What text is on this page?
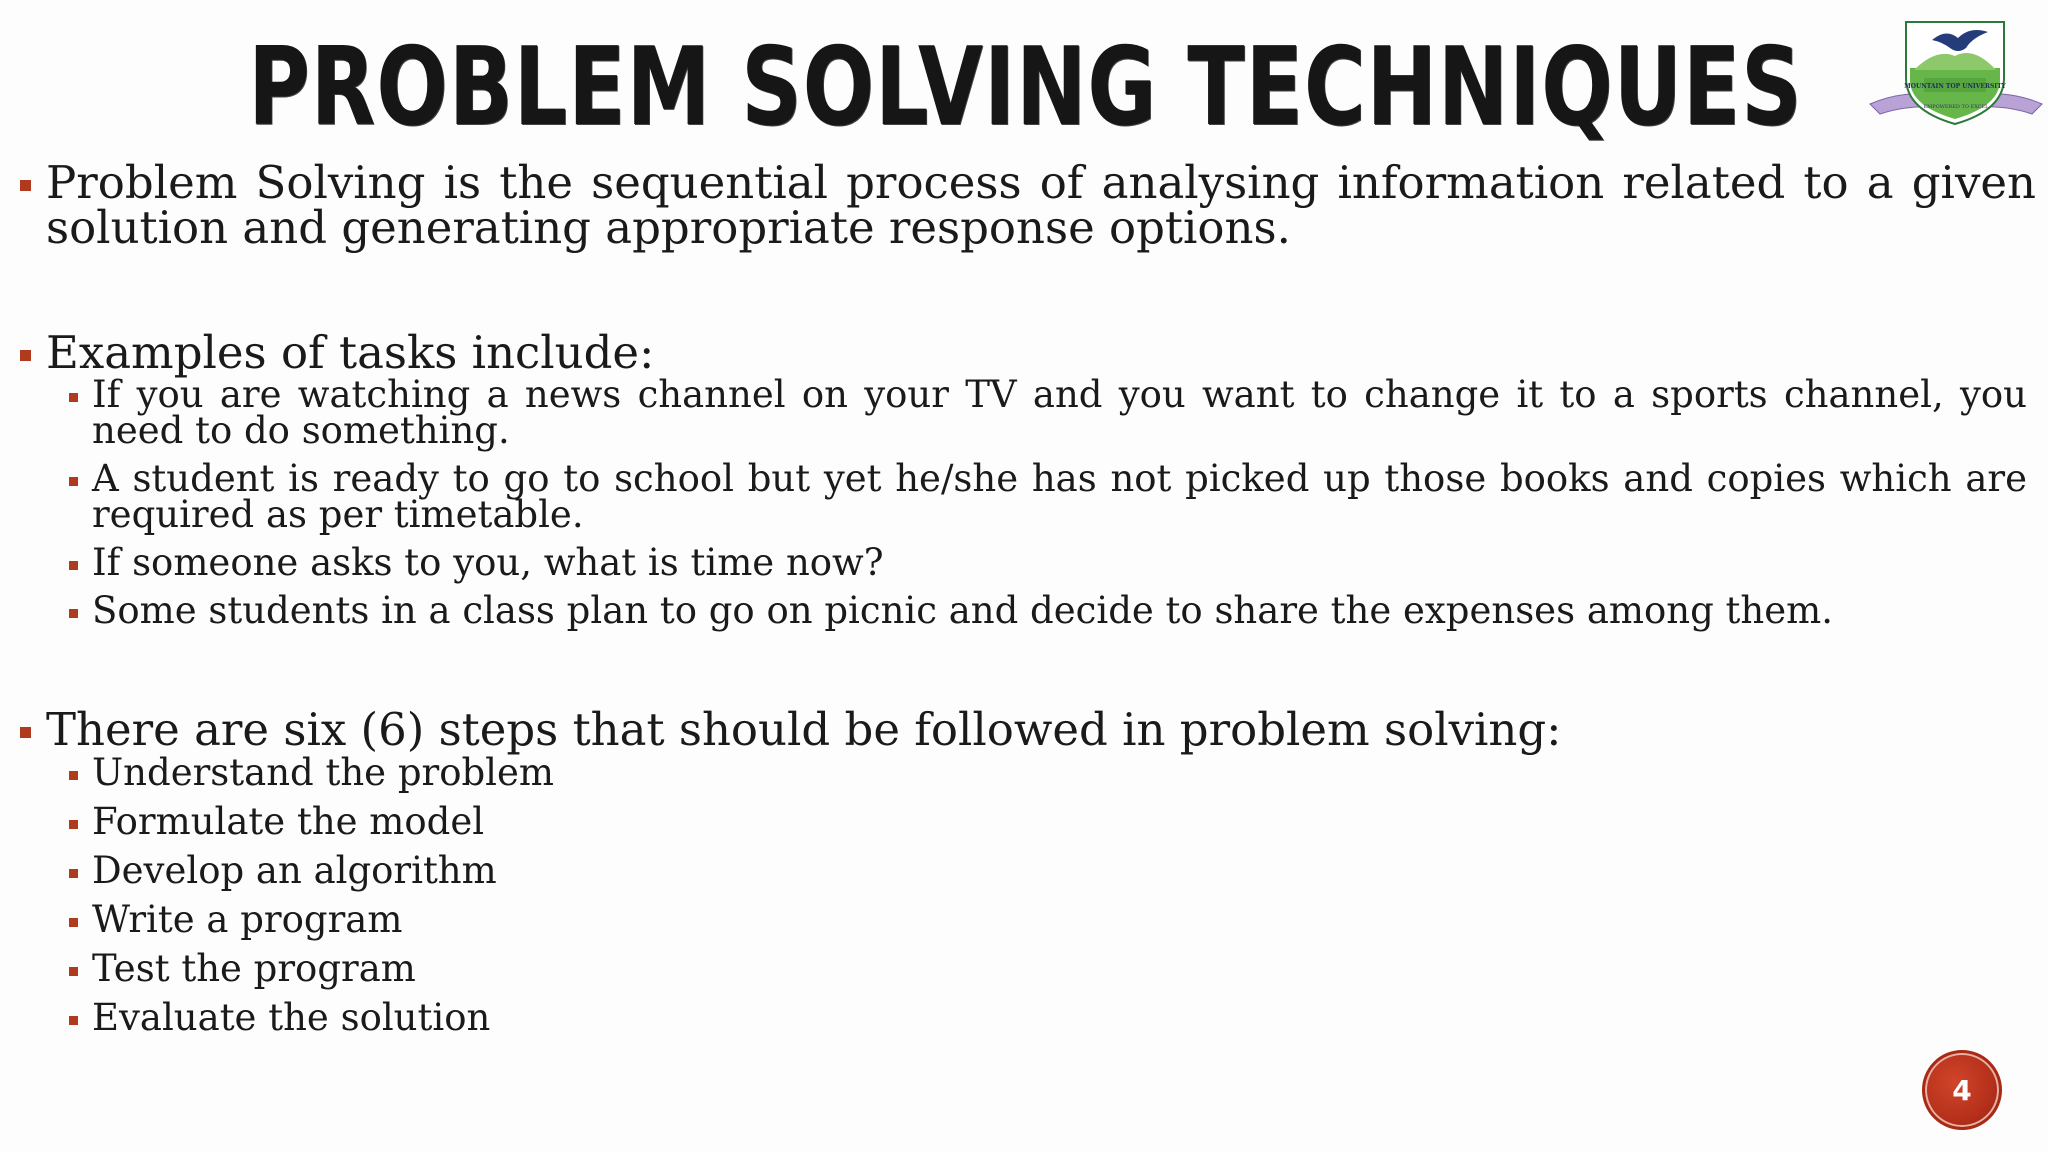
PROBLEM SOLVING TECHNIQUES	MOUNTAIN TOP UNIVERSITY
EMPOWERED TO EXCEL
Problem Solving is the sequential process of analysing information related to a given solution and generating appropriate response options.
Examples of tasks include:
If you are watching a news channel on your TV and you want to change it to a sports channel, you need to do something.
A student is ready to go to school but yet he/she has not picked up those books and copies which are required as per timetable.
If someone asks to you, what is time now?
Some students in a class plan to go on picnic and decide to share the expenses among them.
There are six (6) steps that should be followed in problem solving:
Understand the problem
Formulate the model
Develop an algorithm
Write a program
Test the program
Evaluate the solution
4
